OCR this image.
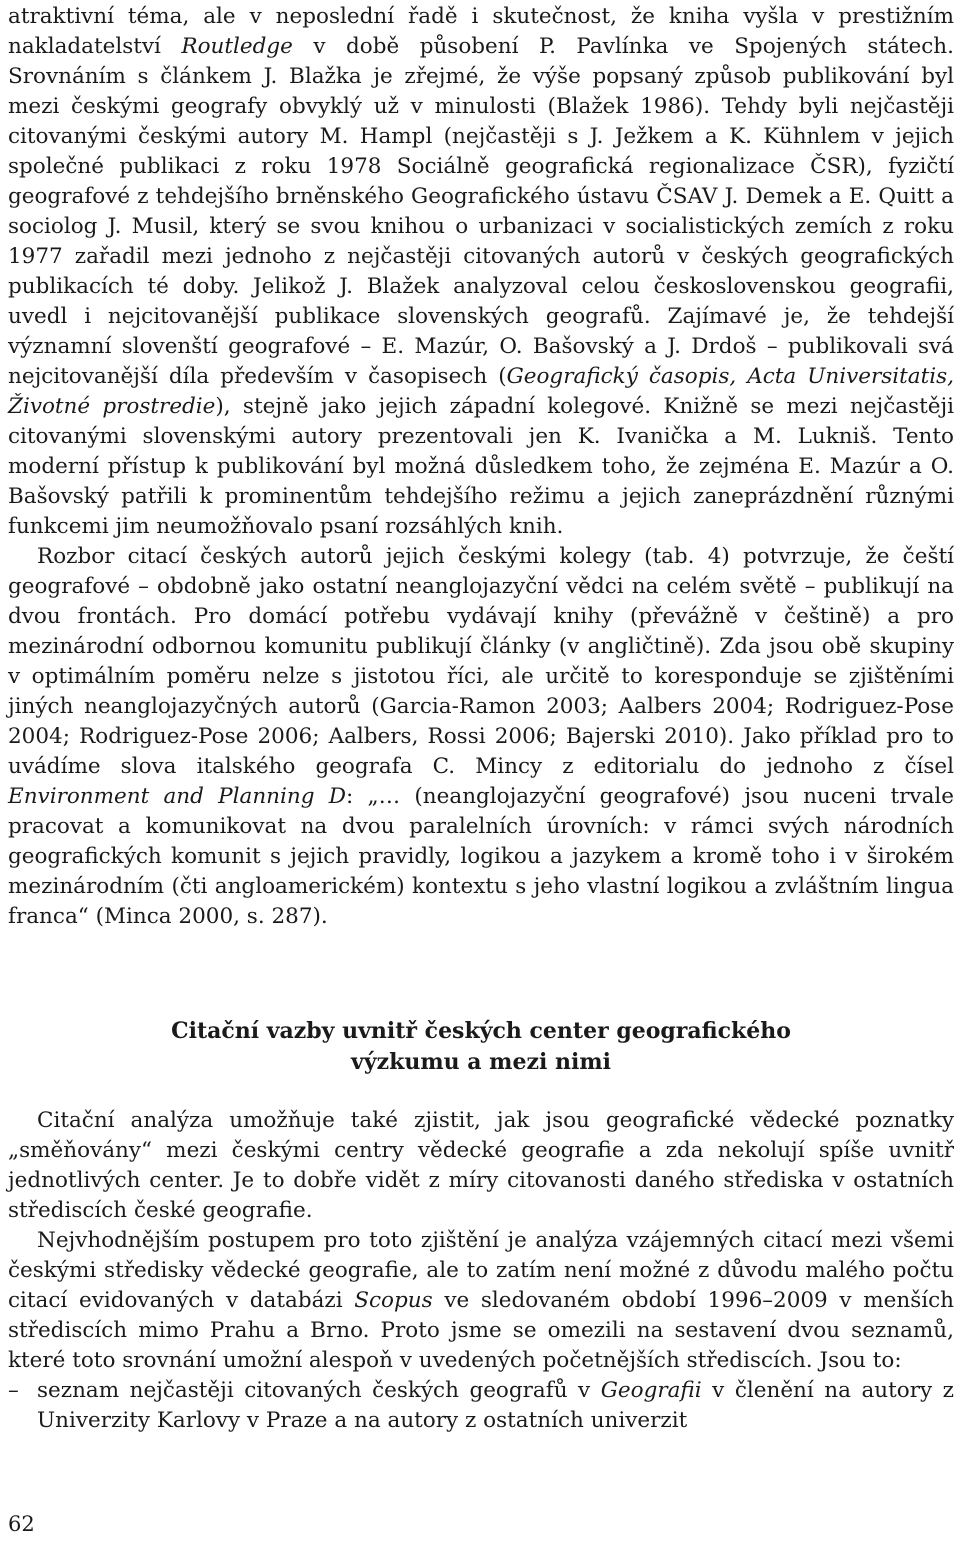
atraktivní téma, ale v neposlední řadě i skutečnost, že kniha vyšla v prestižním nakladatelství Routledge v době působení P. Pavlínka ve Spojených státech. Srovnáním s článkem J. Blažka je zřejmé, že výše popsaný způsob publikování byl mezi českými geografy obvyklý už v minulosti (Blažek 1986). Tehdy byli nejčastěji citovanými českými autory M. Hampl (nejčastěji s J. Ježkem a K. Kühnlem v jejich společné publikaci z roku 1978 Sociálně geografická regionalizace ČSR), fyzičtí geografové z tehdejšího brněnského Geografického ústavu ČSAV J. Demek a E. Quitt a sociolog J. Musil, který se svou knihou o urbanizaci v socialistických zemích z roku 1977 zařadil mezi jednoho z nejčastěji citovaných autorů v českých geografických publikacích té doby. Jelikož J. Blažek analyzoval celou československou geografii, uvedl i nejcitovanější publikace slovenských geografů. Zajímavé je, že tehdejší významní slovenští geografové – E. Mazúr, O. Bašovský a J. Drdoš – publikovali svá nejcitovanější díla především v časopisech (Geografický časopis, Acta Universitatis, Životné prostredie), stejně jako jejich západní kolegové. Knižně se mezi nejčastěji citovanými slovenskými autory prezentovali jen K. Ivanička a M. Lukniš. Tento moderní přístup k publikování byl možná důsledkem toho, že zejména E. Mazúr a O. Bašovský patřili k prominentům tehdejšího režimu a jejich zaneprázdnění různými funkcemi jim neumožňovalo psaní rozsáhlých knih.

Rozbor citací českých autorů jejich českými kolegy (tab. 4) potvrzuje, že čeští geografové – obdobně jako ostatní neanglojazyční vědci na celém světě – publikují na dvou frontách. Pro domácí potřebu vydávají knihy (převážně v češtině) a pro mezinárodní odbornou komunitu publikují články (v angličtině). Zda jsou obě skupiny v optimálním poměru nelze s jistotou říci, ale určitě to koresponduje se zjištěními jiných neanglojazyčných autorů (Garcia-Ramon 2003; Aalbers 2004; Rodriguez-Pose 2004; Rodriguez-Pose 2006; Aalbers, Rossi 2006; Bajerski 2010). Jako příklad pro to uvádíme slova italského geografa C. Mincy z editorialu do jednoho z čísel Environment and Planning D: „… (neanglojazyční geografové) jsou nuceni trvale pracovat a komunikovat na dvou paralelních úrovních: v rámci svých národních geografických komunit s jejich pravidly, logikou a jazykem a kromě toho i v širokém mezinárodním (čti angloamerickém) kontextu s jeho vlastní logikou a zvláštním lingua franca“ (Minca 2000, s. 287).

Citační vazby uvnitř českých center geografického
výzkumu a mezi nimi

Citační analýza umožňuje také zjistit, jak jsou geografické vědecké poznatky „směňovány“ mezi českými centry vědecké geografie a zda nekolují spíše uvnitř jednotlivých center. Je to dobře vidět z míry citovanosti daného střediska v ostatních střediscích české geografie.

Nejvhodnějším postupem pro toto zjištění je analýza vzájemných citací mezi všemi českými středisky vědecké geografie, ale to zatím není možné z důvodu malého počtu citací evidovaných v databázi Scopus ve sledovaném období 1996–2009 v menších střediscích mimo Prahu a Brno. Proto jsme se omezili na sestavení dvou seznamů, které toto srovnání umožní alespoň v uvedených početnějších střediscích. Jsou to:

– seznam nejčastěji citovaných českých geografů v Geografii v členění na autory z Univerzity Karlovy v Praze a na autory z ostatních univerzit

62
